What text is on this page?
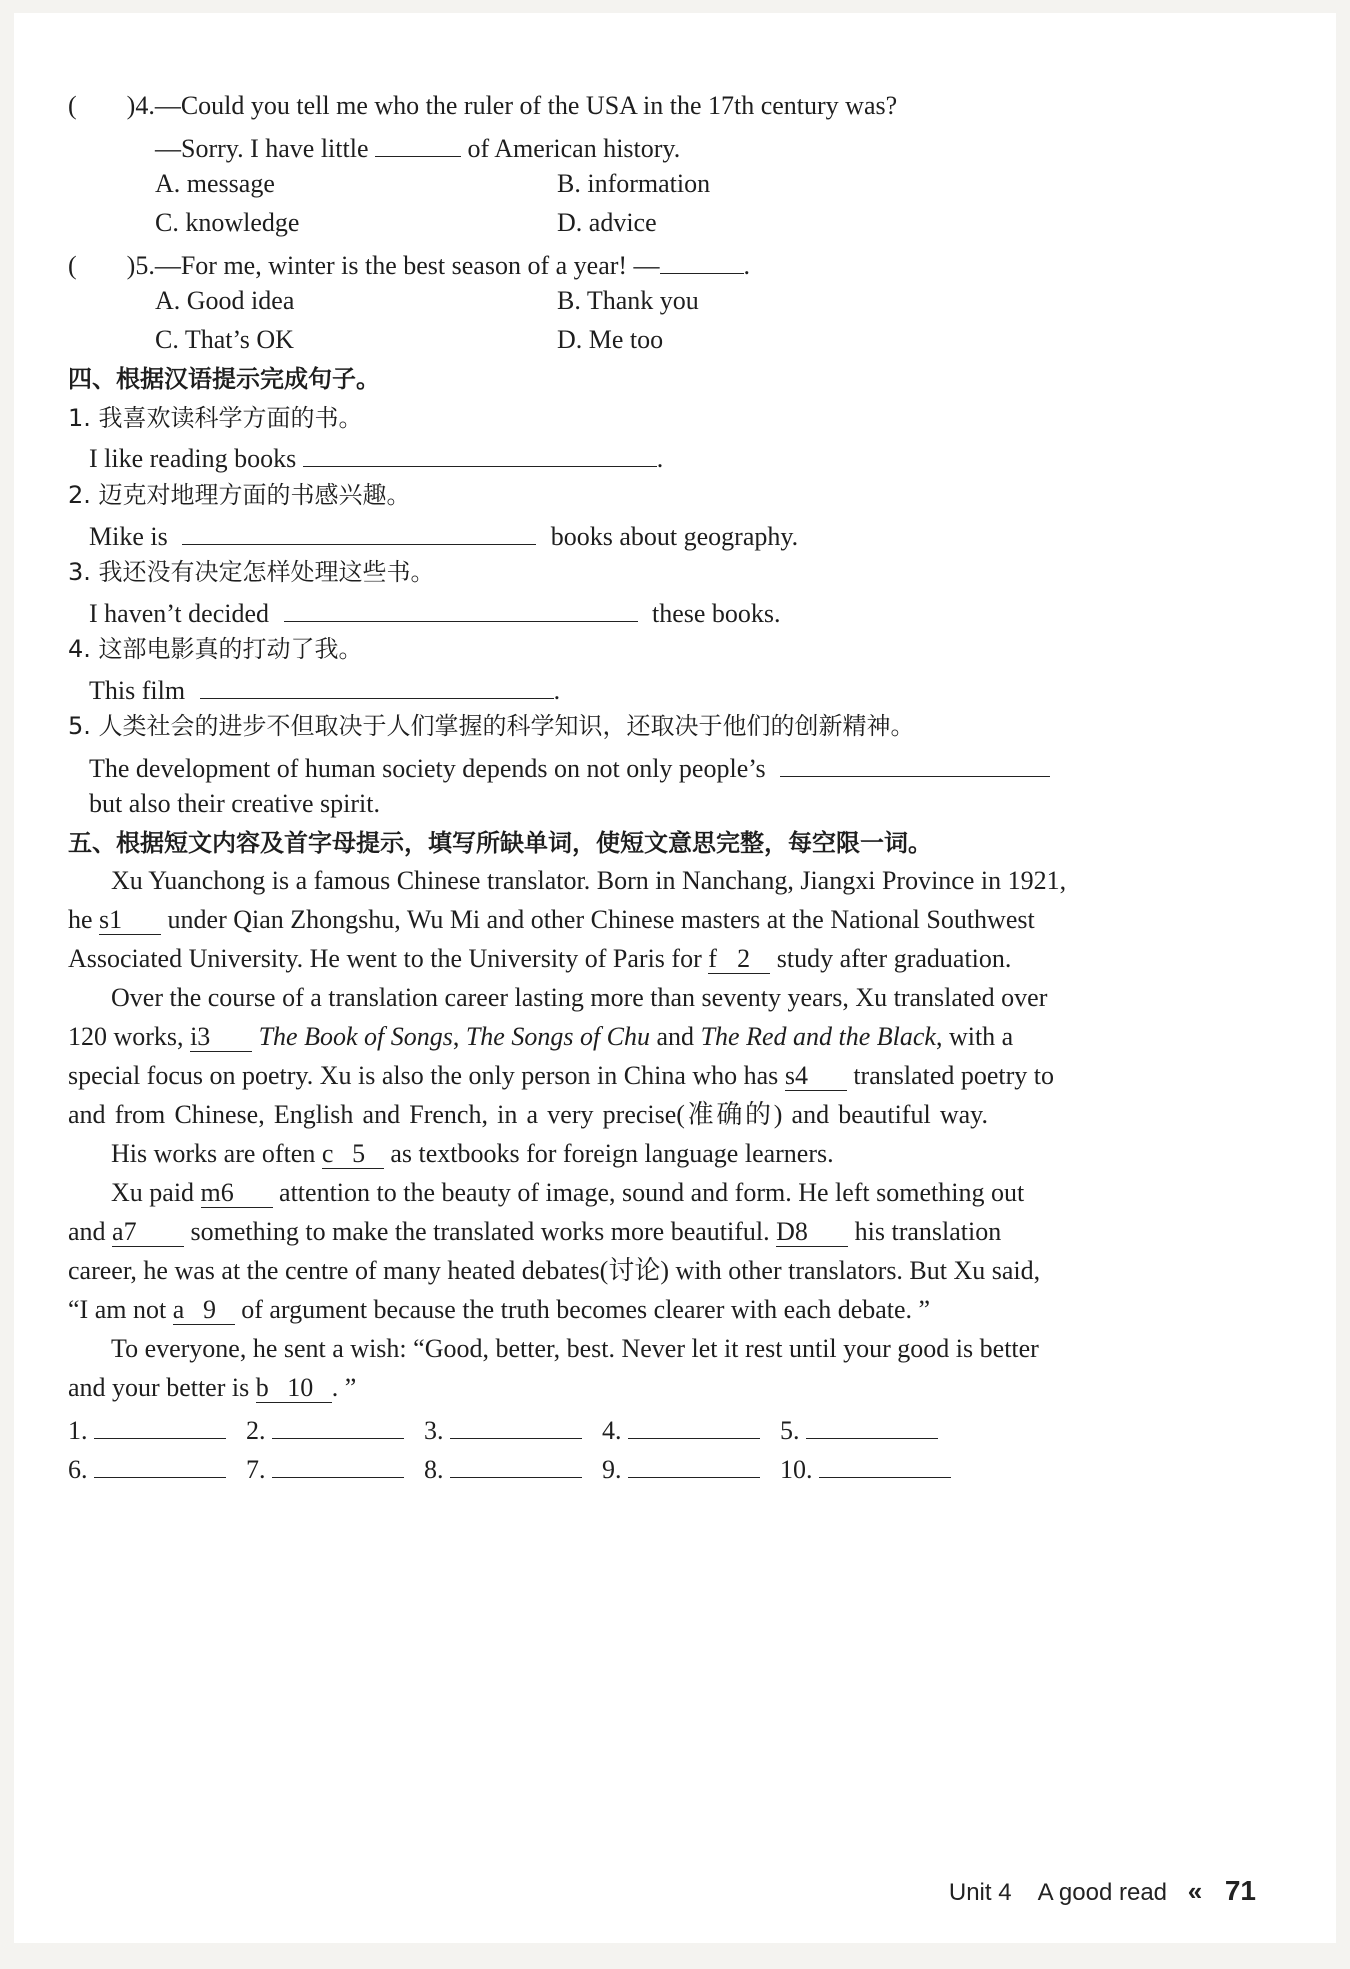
( )4.—Could you tell me who the ruler of the USA in the 17th century was?
—Sorry. I have little	of American history.
A. message	B. information
C. knowledge	D. advice
( )5.—For me, winter is the best season of a year! —	.
A. Good idea	B. Thank you
C. That’s OK	D. Me too
四、根据汉语提示完成句子。
1. 我喜欢读科学方面的书。
I like reading books	.
2. 迈克对地理方面的书感兴趣。
Mike is	books about geography.
3. 我还没有决定怎样处理这些书。
I haven’t decided	these books.
4. 这部电影真的打动了我。
This film	.
5. 人类社会的进步不但取决于人们掌握的科学知识，还取决于他们的创新精神。
The development of human society depends on not only people’s
but also their creative spirit.
五、根据短文内容及首字母提示，填写所缺单词，使短文意思完整，每空限一词。
Xu Yuanchong is a famous Chinese translator. Born in Nanchang, Jiangxi Province in 1921,
he s 1 under Qian Zhongshu, Wu Mi and other Chinese masters at the National Southwest
Associated University. He went to the University of Paris for f 2 study after graduation.
Over the course of a translation career lasting more than seventy years, Xu translated over
120 works, i 3 The Book of Songs, The Songs of Chu and The Red and the Black, with a
special focus on poetry. Xu is also the only person in China who has s 4 translated poetry to
and from Chinese, English and French, in a very precise(准确的) and beautiful way.
His works are often c 5 as textbooks for foreign language learners.
Xu paid m 6 attention to the beauty of image, sound and form. He left something out
and a 7 something to make the translated works more beautiful. D 8 his translation
career, he was at the centre of many heated debates(讨论) with other translators. But Xu said,
“I am not a 9 of argument because the truth becomes clearer with each debate. ”
To everyone, he sent a wish: “Good, better, best. Never let it rest until your good is better
and your better is b 10 . ”
1.	2.	3.	4.	5.
6.	7.	8.	9.	10.
Unit 4 A good read « 71
